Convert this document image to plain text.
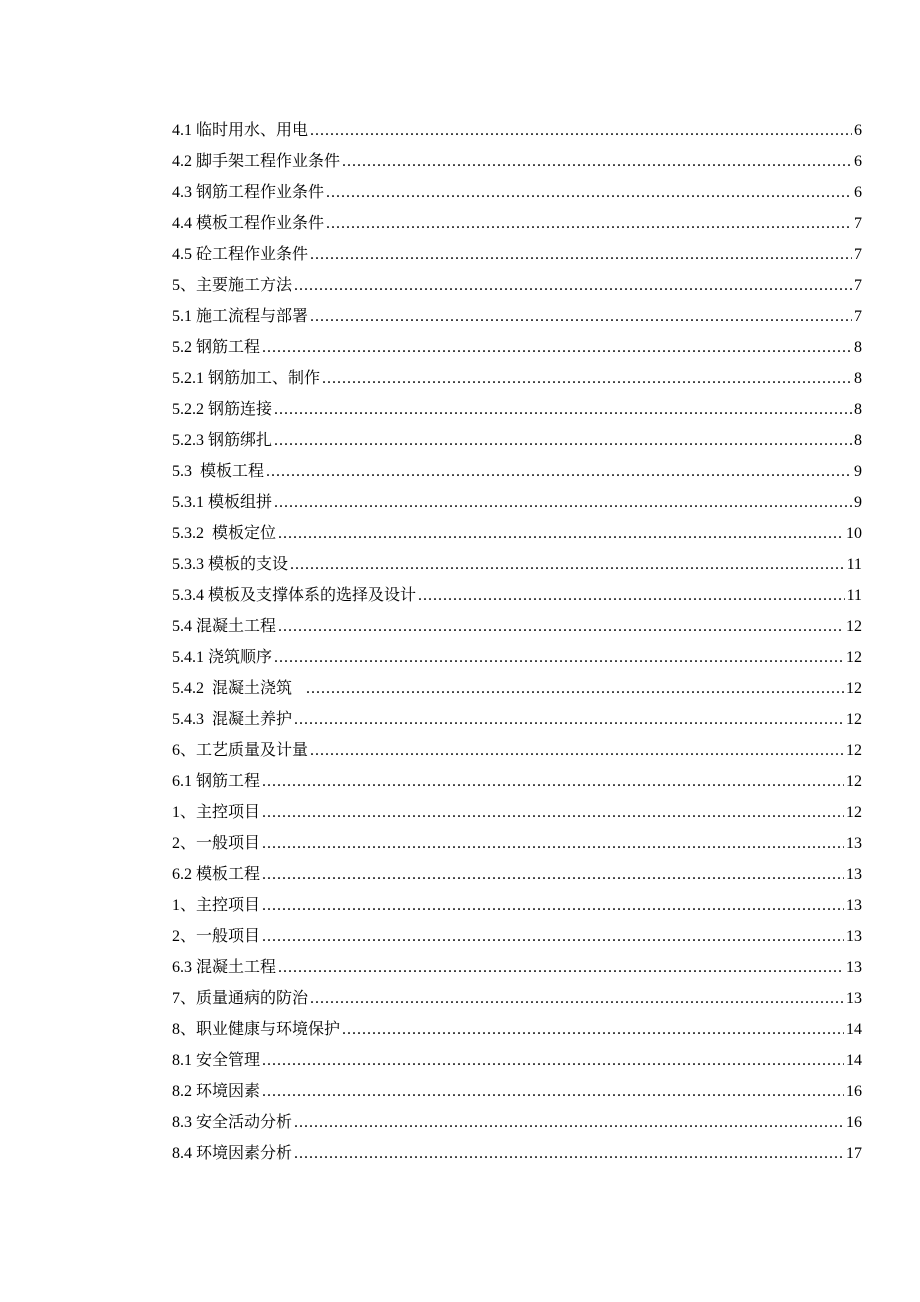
4.1 临时用水、用电 .....	6
4.2 脚手架工程作业条件 .....	6
4.3 钢筋工程作业条件 .....	6
4.4 模板工程作业条件 .....	7
4.5 砼工程作业条件 .....	7
5、主要施工方法 .....	7
5.1 施工流程与部署 .....	7
5.2 钢筋工程 .....	8
5.2.1 钢筋加工、制作 .....	8
5.2.2 钢筋连接 .....	8
5.2.3 钢筋绑扎 .....	8
5.3  模板工程 .....	9
5.3.1 模板组拼 .....	9
5.3.2  模板定位 .....	10
5.3.3 模板的支设 .....	11
5.3.4 模板及支撑体系的选择及设计 .....	11
5.4 混凝土工程 .....	12
5.4.1 浇筑顺序 .....	12
5.4.2  混凝土浇筑 .....	12
5.4.3  混凝土养护 .....	12
6、工艺质量及计量 .....	12
6.1 钢筋工程 .....	12
1、主控项目 .....	12
2、一般项目 .....	13
6.2 模板工程 .....	13
1、主控项目 .....	13
2、一般项目 .....	13
6.3 混凝土工程 .....	13
7、质量通病的防治 .....	13
8、职业健康与环境保护 .....	14
8.1 安全管理 .....	14
8.2 环境因素 .....	16
8.3 安全活动分析 .....	16
8.4 环境因素分析 .....	17
